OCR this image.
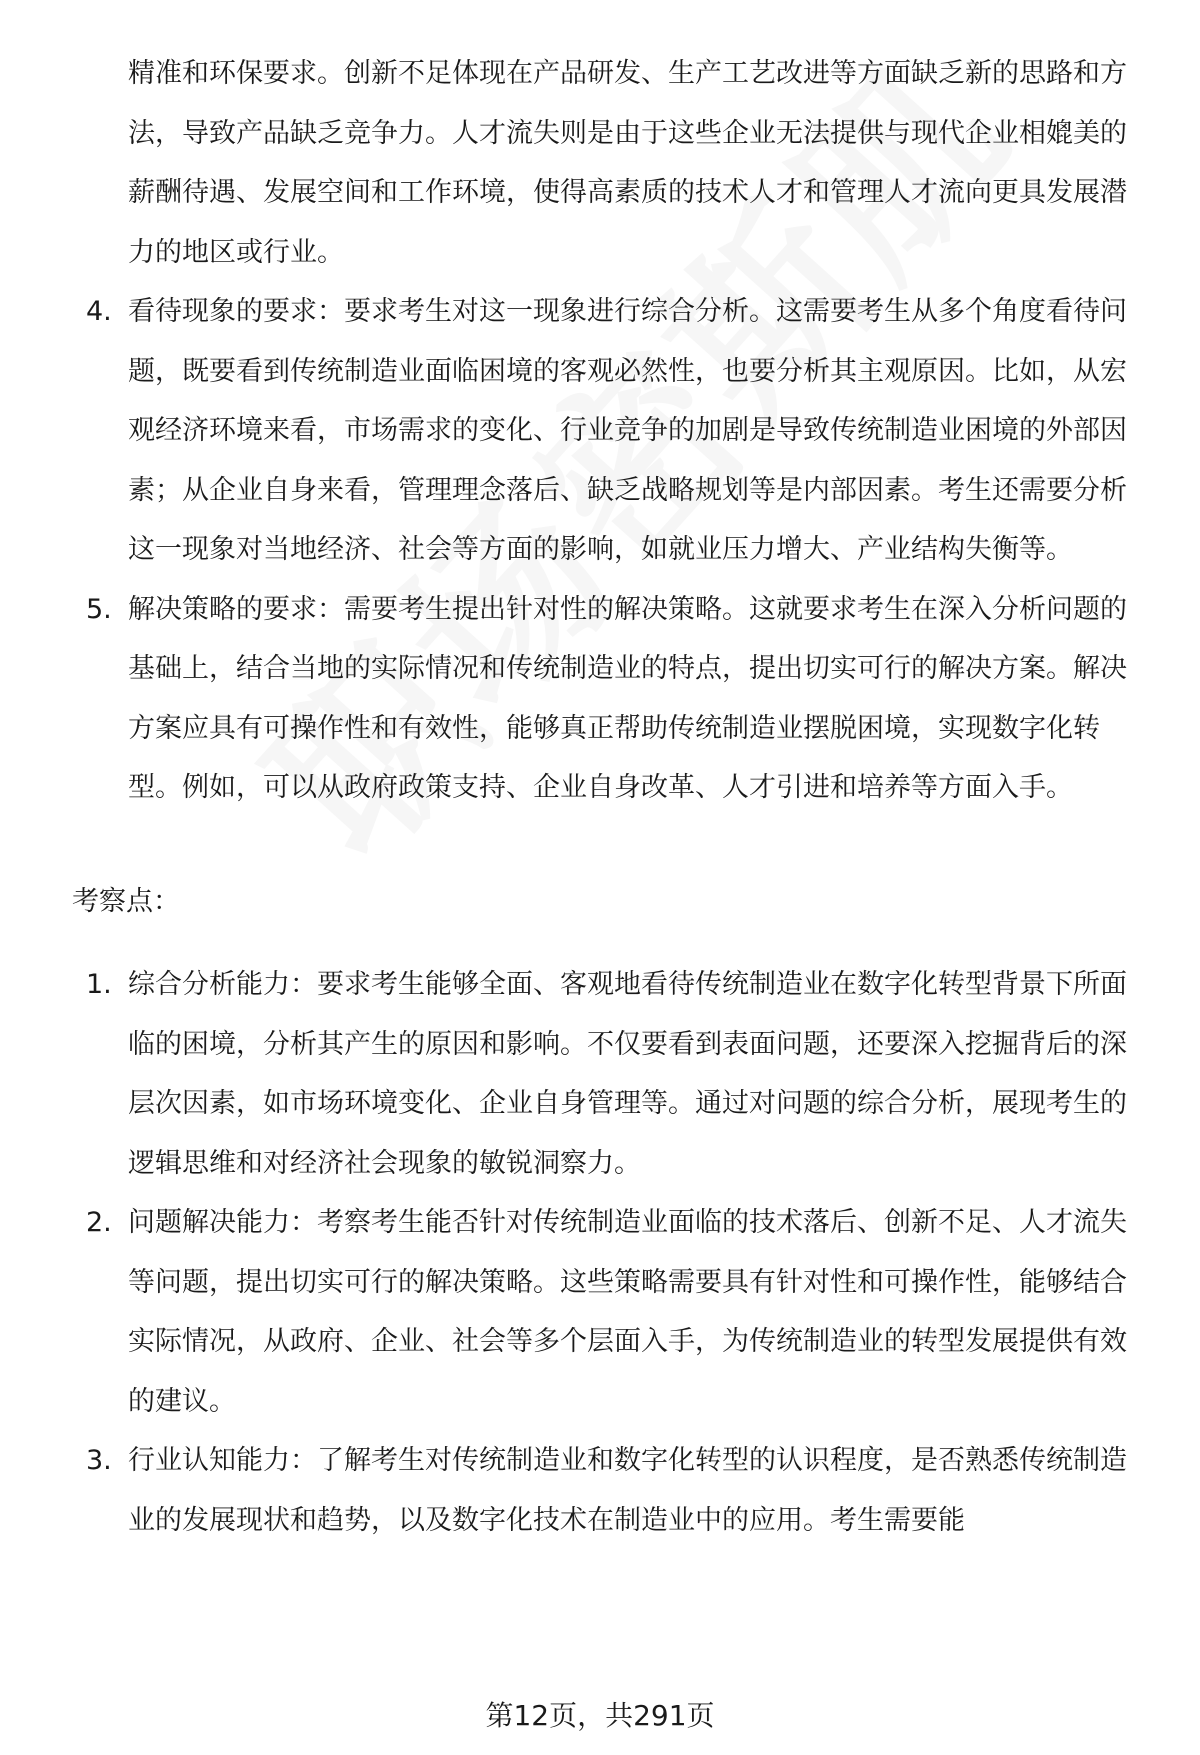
精准和环保要求。创新不足体现在产品研发、生产工艺改进等方面缺乏新的思路和方法，导致产品缺乏竞争力。人才流失则是由于这些企业无法提供与现代企业相媲美的薪酬待遇、发展空间和工作环境，使得高素质的技术人才和管理人才流向更具发展潜力的地区或行业。
4. 看待现象的要求：要求考生对这一现象进行综合分析。这需要考生从多个角度看待问题，既要看到传统制造业面临困境的客观必然性，也要分析其主观原因。比如，从宏观经济环境来看，市场需求的变化、行业竞争的加剧是导致传统制造业困境的外部因素；从企业自身来看，管理理念落后、缺乏战略规划等是内部因素。考生还需要分析这一现象对当地经济、社会等方面的影响，如就业压力增大、产业结构失衡等。
5. 解决策略的要求：需要考生提出针对性的解决策略。这就要求考生在深入分析问题的基础上，结合当地的实际情况和传统制造业的特点，提出切实可行的解决方案。解决方案应具有可操作性和有效性，能够真正帮助传统制造业摆脱困境，实现数字化转型。例如，可以从政府政策支持、企业自身改革、人才引进和培养等方面入手。
考察点：
1. 综合分析能力：要求考生能够全面、客观地看待传统制造业在数字化转型背景下所面临的困境，分析其产生的原因和影响。不仅要看到表面问题，还要深入挖掘背后的深层次因素，如市场环境变化、企业自身管理等。通过对问题的综合分析，展现考生的逻辑思维和对经济社会现象的敏锐洞察力。
2. 问题解决能力：考察考生能否针对传统制造业面临的技术落后、创新不足、人才流失等问题，提出切实可行的解决策略。这些策略需要具有针对性和可操作性，能够结合实际情况，从政府、企业、社会等多个层面入手，为传统制造业的转型发展提供有效的建议。
3. 行业认知能力：了解考生对传统制造业和数字化转型的认识程度，是否熟悉传统制造业的发展现状和趋势，以及数字化技术在制造业中的应用。考生需要能
第12页，共291页
